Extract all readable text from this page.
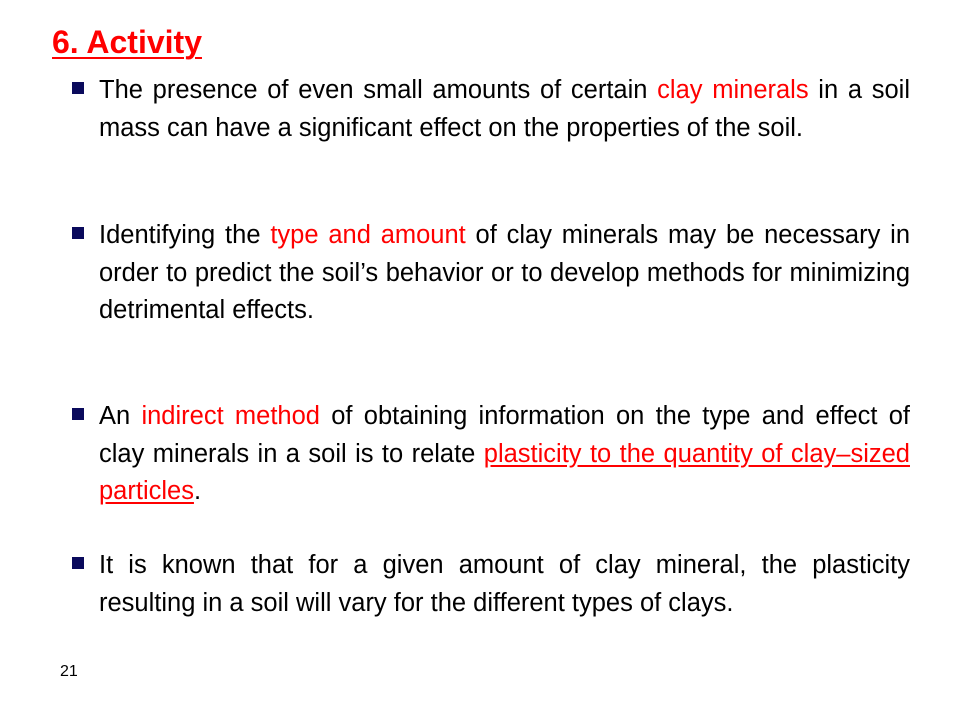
6. Activity
The presence of even small amounts of certain clay minerals in a soil mass can have a significant effect on the properties of the soil.
Identifying the type and amount of clay minerals may be necessary in order to predict the soil’s behavior or to develop methods for minimizing detrimental effects.
An indirect method of obtaining information on the type and effect of clay minerals in a soil is to relate plasticity to the quantity of clay–sized particles.
It is known that for a given amount of clay mineral, the plasticity resulting in a soil will vary for the different types of clays.
21
